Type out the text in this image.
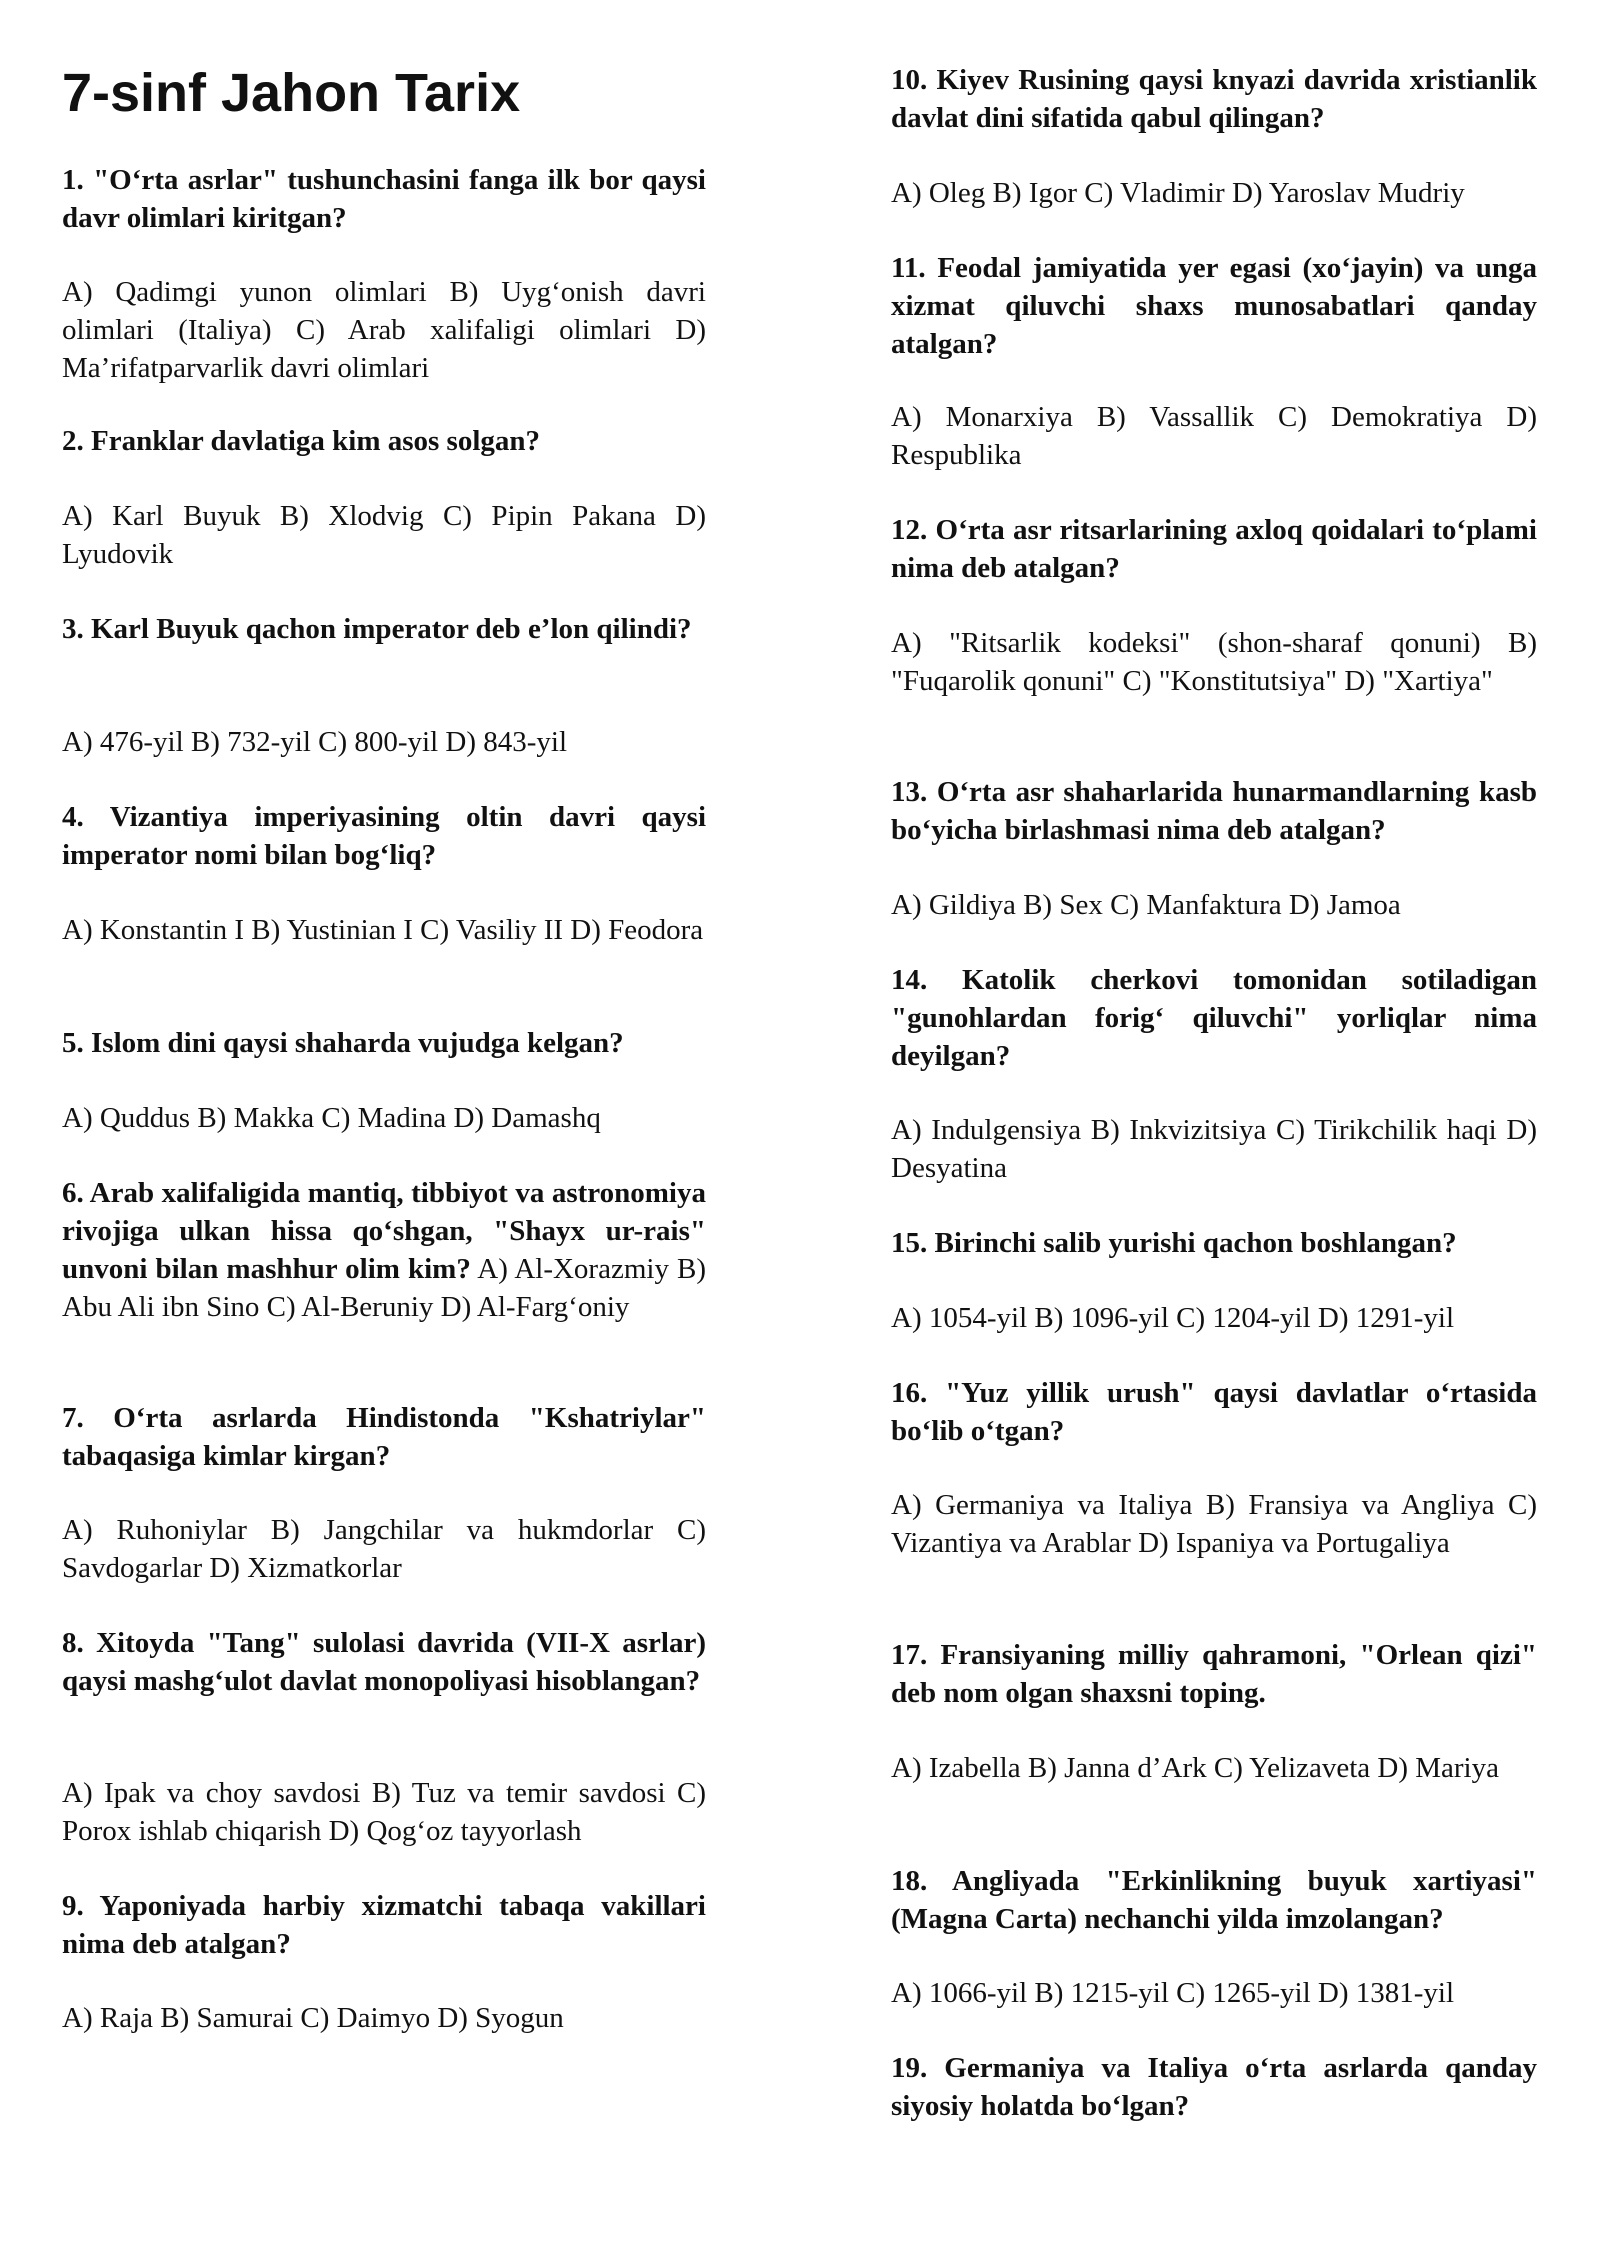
7-sinf Jahon Tarix

1. "O‘rta asrlar" tushunchasini fanga ilk bor qaysi davr olimlari kiritgan?

A) Qadimgi yunon olimlari B) Uyg‘onish davri olimlari (Italiya) C) Arab xalifaligi olimlari D) Ma’rifatparvarlik davri olimlari

2. Franklar davlatiga kim asos solgan?

A) Karl Buyuk B) Xlodvig C) Pipin Pakana D) Lyudovik

3. Karl Buyuk qachon imperator deb e’lon qilindi?

A) 476-yil B) 732-yil C) 800-yil D) 843-yil

4. Vizantiya imperiyasining oltin davri qaysi imperator nomi bilan bog‘liq?

A) Konstantin I B) Yustinian I C) Vasiliy II D) Feodora

5. Islom dini qaysi shaharda vujudga kelgan?

A) Quddus B) Makka C) Madina D) Damashq

6. Arab xalifaligida mantiq, tibbiyot va astronomiya rivojiga ulkan hissa qo‘shgan, "Shayx ur-rais" unvoni bilan mashhur olim kim? A) Al-Xorazmiy B) Abu Ali ibn Sino C) Al-Beruniy D) Al-Farg‘oniy

7. O‘rta asrlarda Hindistonda "Kshatriylar" tabaqasiga kimlar kirgan?

A) Ruhoniylar B) Jangchilar va hukmdorlar C) Savdogarlar D) Xizmatkorlar

8. Xitoyda "Tang" sulolasi davrida (VII-X asrlar) qaysi mashg‘ulot davlat monopoliyasi hisoblangan?

A) Ipak va choy savdosi B) Tuz va temir savdosi C) Porox ishlab chiqarish D) Qog‘oz tayyorlash

9. Yaponiyada harbiy xizmatchi tabaqa vakillari nima deb atalgan?

A) Raja B) Samurai C) Daimyo D) Syogun

10. Kiyev Rusining qaysi knyazi davrida xristianlik davlat dini sifatida qabul qilingan?

A) Oleg B) Igor C) Vladimir D) Yaroslav Mudriy

11. Feodal jamiyatida yer egasi (xo‘jayin) va unga xizmat qiluvchi shaxs munosabatlari qanday atalgan?

A) Monarxiya B) Vassallik C) Demokratiya D) Respublika

12. O‘rta asr ritsarlarining axloq qoidalari to‘plami nima deb atalgan?

A) "Ritsarlik kodeksi" (shon-sharaf qonuni) B) "Fuqarolik qonuni" C) "Konstitutsiya" D) "Xartiya"

13. O‘rta asr shaharlarida hunarmandlarning kasb bo‘yicha birlashmasi nima deb atalgan?

A) Gildiya B) Sex C) Manfaktura D) Jamoa

14. Katolik cherkovi tomonidan sotiladigan "gunohlardan forig‘ qiluvchi" yorliqlar nima deyilgan?

A) Indulgensiya B) Inkvizitsiya C) Tirikchilik haqi D) Desyatina

15. Birinchi salib yurishi qachon boshlangan?

A) 1054-yil B) 1096-yil C) 1204-yil D) 1291-yil

16. "Yuz yillik urush" qaysi davlatlar o‘rtasida bo‘lib o‘tgan?

A) Germaniya va Italiya B) Fransiya va Angliya C) Vizantiya va Arablar D) Ispaniya va Portugaliya

17. Fransiyaning milliy qahramoni, "Orlean qizi" deb nom olgan shaxsni toping.

A) Izabella B) Janna d’Ark C) Yelizaveta D) Mariya

18. Angliyada "Erkinlikning buyuk xartiyasi" (Magna Carta) nechanchi yilda imzolangan?

A) 1066-yil B) 1215-yil C) 1265-yil D) 1381-yil

19. Germaniya va Italiya o‘rta asrlarda qanday siyosiy holatda bo‘lgan?
